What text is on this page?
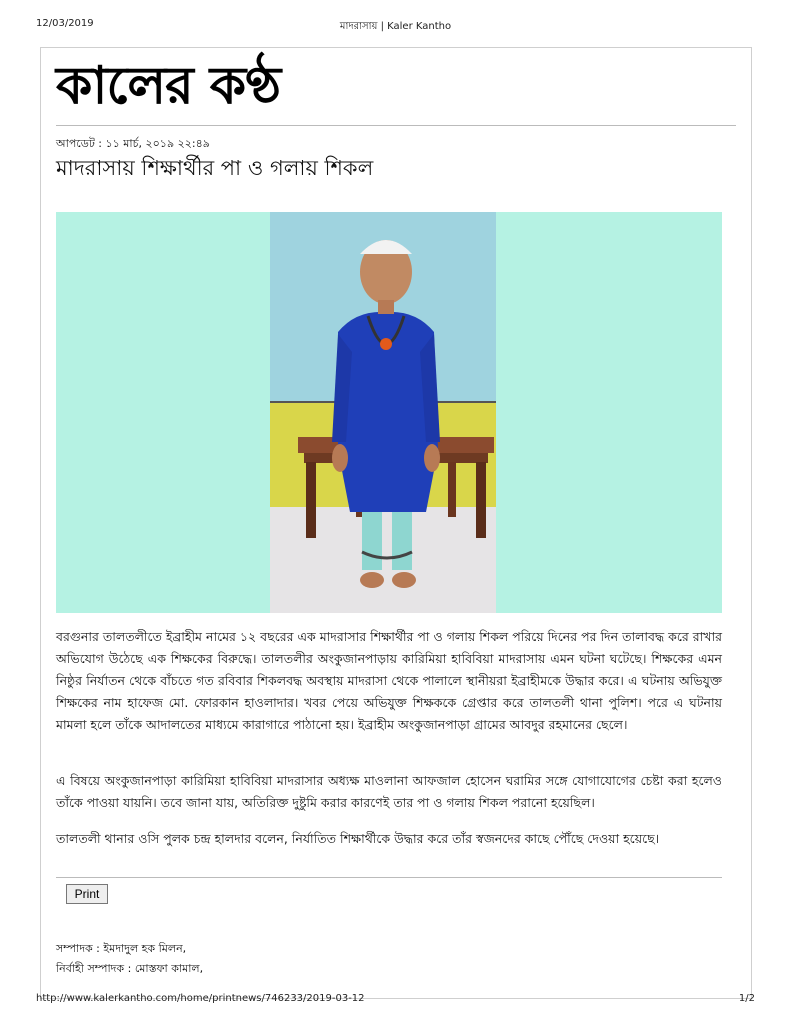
12/03/2019	মাদরাসায় | Kaler Kantho
কালের কণ্ঠ
আপডেট : ১১ মার্চ, ২০১৯ ২২:৪৯
মাদরাসায় শিক্ষার্থীর পা ও গলায় শিকল

বরগুনার তালতলীতে ইব্রাহীম নামের ১২ বছরের এক মাদরাসার শিক্ষার্থীর পা ও গলায় শিকল পরিয়ে দিনের পর দিন তালাবদ্ধ করে রাখার অভিযোগ উঠেছে এক শিক্ষকের বিরুদ্ধে। তালতলীর অংকুজানপাড়ায় কারিমিয়া হাবিবিয়া মাদরাসায় এমন ঘটনা ঘটেছে। শিক্ষকের এমন নিষ্ঠুর নির্যাতন থেকে বাঁচতে গত রবিবার শিকলবদ্ধ অবস্থায় মাদরাসা থেকে পালালে স্থানীয়রা ইব্রাহীমকে উদ্ধার করে। এ ঘটনায় অভিযুক্ত শিক্ষকের নাম হাফেজ মো. ফোরকান হাওলাদার। খবর পেয়ে অভিযুক্ত শিক্ষককে গ্রেপ্তার করে তালতলী থানা পুলিশ। পরে এ ঘটনায় মামলা হলে তাঁকে আদালতের মাধ্যমে কারাগারে পাঠানো হয়। ইব্রাহীম অংকুজানপাড়া গ্রামের আবদুর রহমানের ছেলে।

এ বিষয়ে অংকুজানপাড়া কারিমিয়া হাবিবিয়া মাদরাসার অধ্যক্ষ মাওলানা আফজাল হোসেন ঘরামির সঙ্গে যোগাযোগের চেষ্টা করা হলেও তাঁকে পাওয়া যায়নি। তবে জানা যায়, অতিরিক্ত দুষ্টুমি করার কারণেই তার পা ও গলায় শিকল পরানো হয়েছিল।

তালতলী থানার ওসি পুলক চন্দ্র হালদার বলেন, নির্যাতিত শিক্ষার্থীকে উদ্ধার করে তাঁর স্বজনদের কাছে পৌঁছে দেওয়া হয়েছে।

Print
সম্পাদক : ইমদাদুল হক মিলন,
নির্বাহী সম্পাদক : মোস্তফা কামাল,
http://www.kalerkantho.com/home/printnews/746233/2019-03-12	1/2
